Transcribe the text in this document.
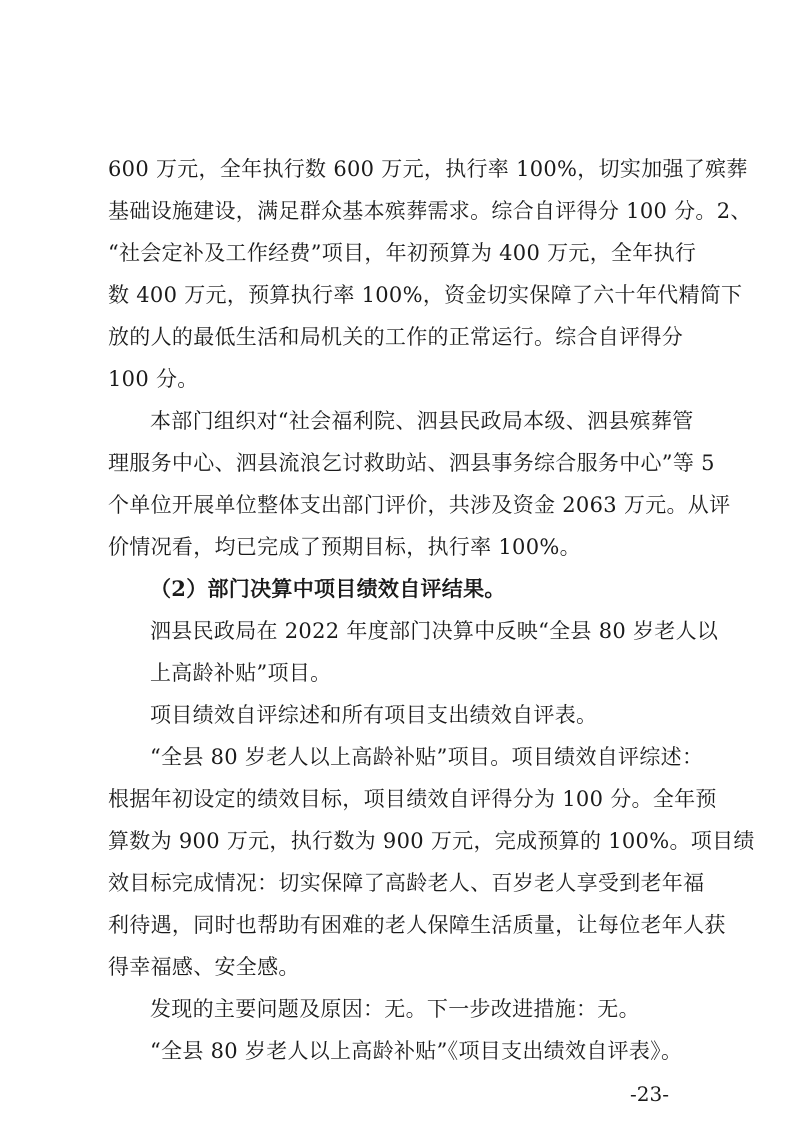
600 万元，全年执行数 600 万元，执行率 100%，切实加强了殡葬
基础设施建设，满足群众基本殡葬需求。综合自评得分 100 分。2、
“社会定补及工作经费”项目，年初预算为 400 万元，全年执行
数 400 万元，预算执行率 100%，资金切实保障了六十年代精简下
放的人的最低生活和局机关的工作的正常运行。综合自评得分
100 分。
本部门组织对“社会福利院、泗县民政局本级、泗县殡葬管
理服务中心、泗县流浪乞讨救助站、泗县事务综合服务中心”等 5
个单位开展单位整体支出部门评价，共涉及资金 2063 万元。从评
价情况看，均已完成了预期目标，执行率 100%。
（2）部门决算中项目绩效自评结果。
泗县民政局在 2022 年度部门决算中反映“全县 80 岁老人以
上高龄补贴”项目。
项目绩效自评综述和所有项目支出绩效自评表。
“全县 80 岁老人以上高龄补贴”项目。项目绩效自评综述：
根据年初设定的绩效目标，项目绩效自评得分为 100 分。全年预
算数为 900 万元，执行数为 900 万元，完成预算的 100%。项目绩
效目标完成情况：切实保障了高龄老人、百岁老人享受到老年福
利待遇，同时也帮助有困难的老人保障生活质量，让每位老年人获
得幸福感、安全感。
发现的主要问题及原因：无。下一步改进措施：无。
“全县 80 岁老人以上高龄补贴”《项目支出绩效自评表》。
-23-
